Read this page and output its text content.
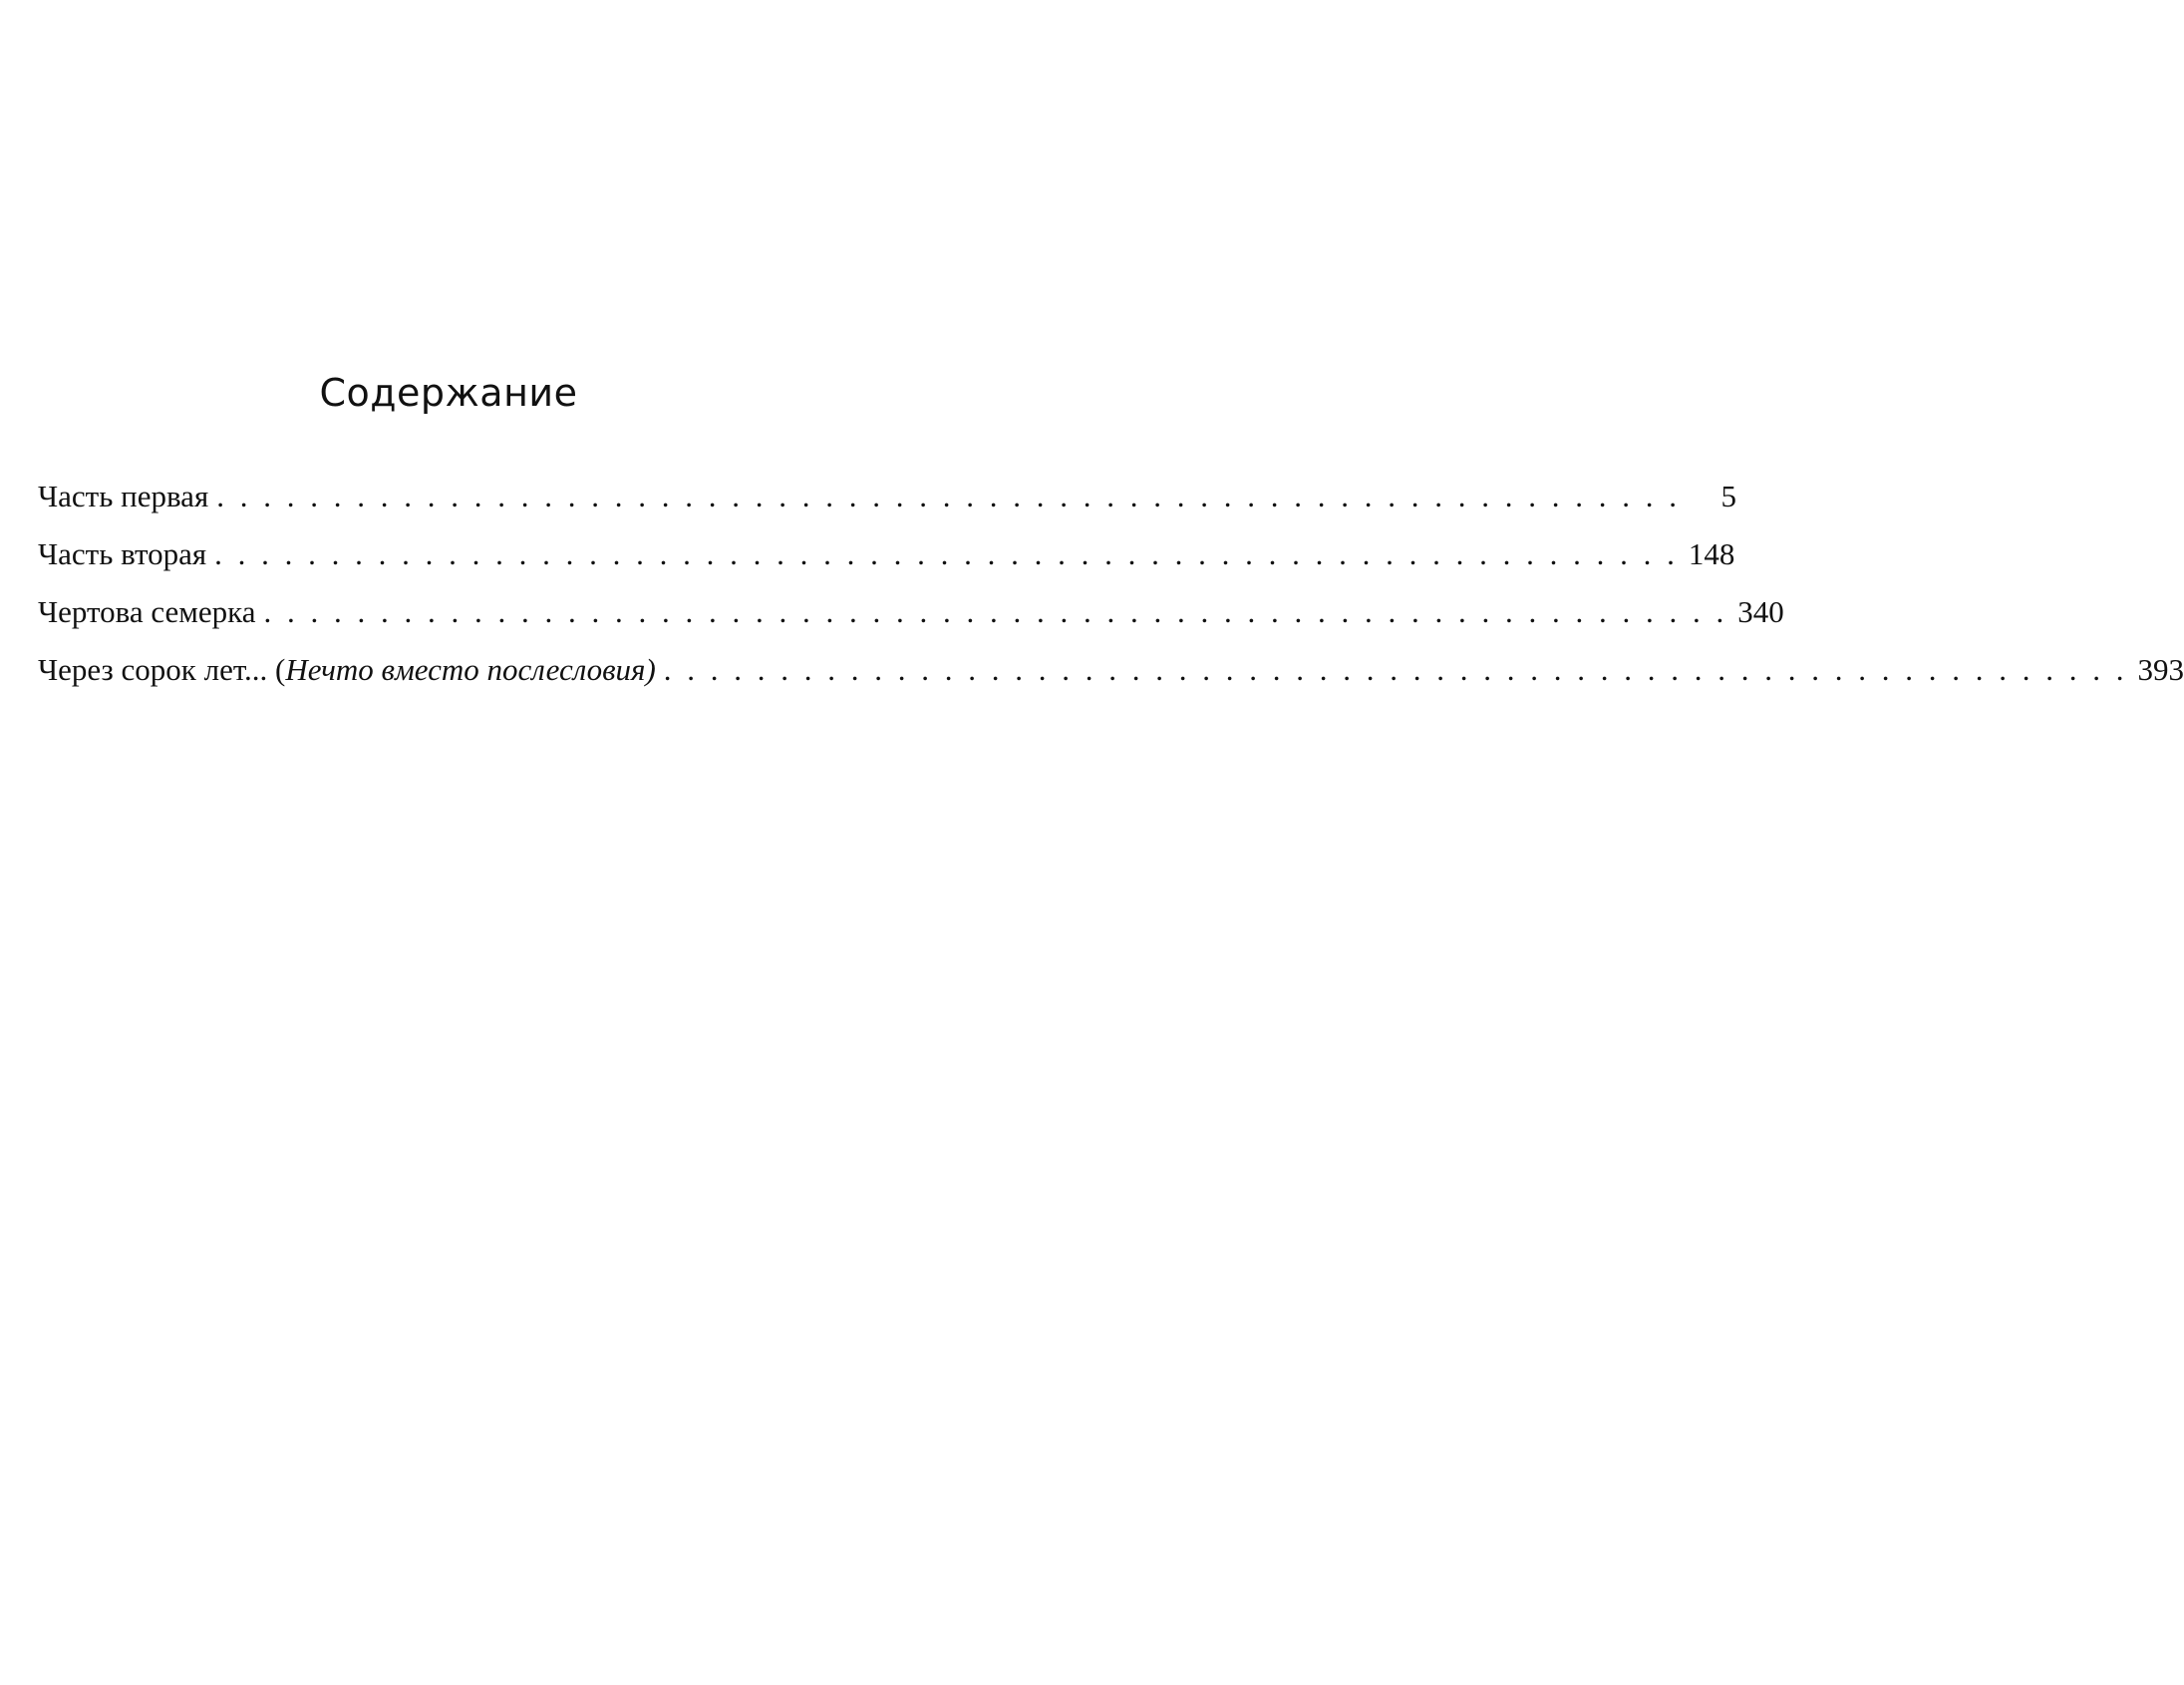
Содержание
Часть первая . . . . . . . . . . . . . . . . . . . . . . . . . . . . . . . . . . . . . . . . . . . . . . . . . . . . . . . . . . . . . . .	5
Часть вторая . . . . . . . . . . . . . . . . . . . . . . . . . . . . . . . . . . . . . . . . . . . . . . . . . . . . . . . . . . . . . . . 148
Чертова семерка . . . . . . . . . . . . . . . . . . . . . . . . . . . . . . . . . . . . . . . . . . . . . . . . . . . . . . . . . . . . . . . 340
Через сорок лет... (Нечто вместо послесловия) . . . . . . . . . . . . . . . . . . . . . . . . . . . . . . . . . . . . . . . . . . . . . . . . . . . . . . . . . . . . . . . 393
